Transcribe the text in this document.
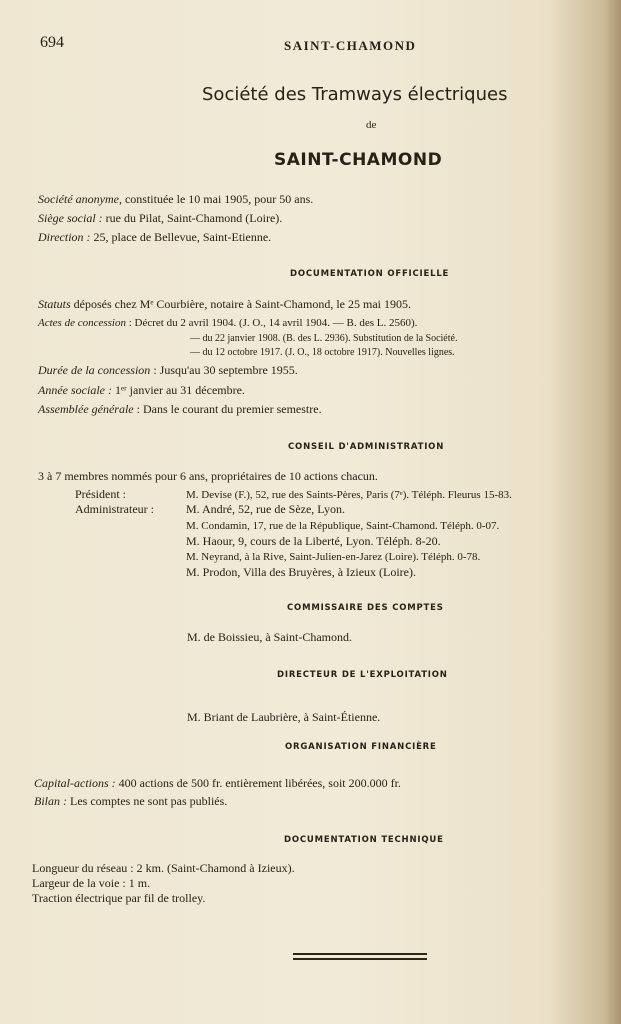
694	SAINT-CHAMOND
Société des Tramways électriques
de
SAINT-CHAMOND
Société anonyme, constituée le 10 mai 1905, pour 50 ans.
Siège social : rue du Pilat, Saint-Chamond (Loire).
Direction : 25, place de Bellevue, Saint-Etienne.
DOCUMENTATION OFFICIELLE
Statuts déposés chez Mᵉ Courbière, notaire à Saint-Chamond, le 25 mai 1905.
Actes de concession : Décret du 2 avril 1904. (J. O., 14 avril 1904. — B. des L. 2560).
— du 22 janvier 1908. (B. des L. 2936). Substitution de la Société.
— du 12 octobre 1917. (J. O., 18 octobre 1917). Nouvelles lignes.
Durée de la concession : Jusqu'au 30 septembre 1955.
Année sociale : 1ᵉʳ janvier au 31 décembre.
Assemblée générale : Dans le courant du premier semestre.
CONSEIL D'ADMINISTRATION
3 à 7 membres nommés pour 6 ans, propriétaires de 10 actions chacun.
Président :
Administrateur :
M. Devise (F.), 52, rue des Saints-Pères, Paris (7ᵉ). Téléph. Fleurus 15-83.
M. André, 52, rue de Sèze, Lyon.
M. Condamin, 17, rue de la République, Saint-Chamond. Téléph. 0-07.
M. Haour, 9, cours de la Liberté, Lyon. Téléph. 8-20.
M. Neyrand, à la Rive, Saint-Julien-en-Jarez (Loire). Téléph. 0-78.
M. Prodon, Villa des Bruyères, à Izieux (Loire).
COMMISSAIRE DES COMPTES
M. de Boissieu, à Saint-Chamond.
DIRECTEUR DE L'EXPLOITATION
M. Briant de Laubrière, à Saint-Étienne.
ORGANISATION FINANCIÈRE
Capital-actions : 400 actions de 500 fr. entièrement libérées, soit 200.000 fr.
Bilan : Les comptes ne sont pas publiés.
DOCUMENTATION TECHNIQUE
Longueur du réseau : 2 km. (Saint-Chamond à Izieux).
Largeur de la voie : 1 m.
Traction électrique par fil de trolley.
